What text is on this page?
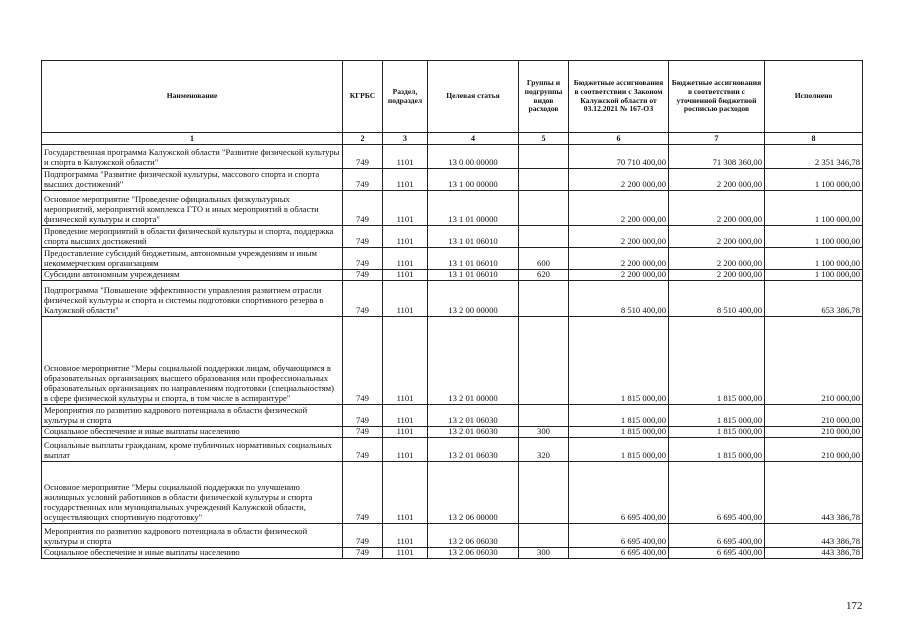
Наименование	КГРБС	Раздел, подраздел	Целевая статья	Группы и подгруппы видов расходов	Бюджетные ассигнования в соответствии с Законом Калужской области от 03.12.2021 № 167-ОЗ	Бюджетные ассигнования в соответствии с уточненной бюджетной росписью расходов	Исполнено
1	2	3	4	5	6	7	8
Государственная программа Калужской области "Развитие физической культуры и спорта в Калужской области"	749	1101	13 0 00 00000		70 710 400,00	71 308 360,00	2 351 346,78
Подпрограмма "Развитие физической культуры, массового спорта и спорта высших достижений"	749	1101	13 1 00 00000		2 200 000,00	2 200 000,00	1 100 000,00
Основное мероприятие "Проведение официальных физкультурных мероприятий, мероприятий комплекса ГТО и иных мероприятий в области физической культуры и спорта"	749	1101	13 1 01 00000		2 200 000,00	2 200 000,00	1 100 000,00
Проведение мероприятий в области физической культуры и спорта, поддержка спорта высших достижений	749	1101	13 1 01 06010		2 200 000,00	2 200 000,00	1 100 000,00
Предоставление субсидий бюджетным, автономным учреждениям и иным некоммерческим организациям	749	1101	13 1 01 06010	600	2 200 000,00	2 200 000,00	1 100 000,00
Субсидии автономным учреждениям	749	1101	13 1 01 06010	620	2 200 000,00	2 200 000,00	1 100 000,00
Подпрограмма "Повышение эффективности управления развитием отрасли физической культуры и спорта и системы подготовки спортивного резерва в Калужской области"	749	1101	13 2 00 00000		8 510 400,00	8 510 400,00	653 386,78
Основное мероприятие "Меры социальной поддержки лицам, обучающимся в образовательных организациях высшего образования или профессиональных образовательных организациях по направлениям подготовки (специальностям) в сфере физической культуры и спорта, в том числе в аспирантуре"	749	1101	13 2 01 00000		1 815 000,00	1 815 000,00	210 000,00
Мероприятия по развитию кадрового потенциала в области физической культуры и спорта	749	1101	13 2 01 06030		1 815 000,00	1 815 000,00	210 000,00
Социальное обеспечение и иные выплаты населению	749	1101	13 2 01 06030	300	1 815 000,00	1 815 000,00	210 000,00
Социальные выплаты гражданам, кроме публичных нормативных социальных выплат	749	1101	13 2 01 06030	320	1 815 000,00	1 815 000,00	210 000,00
Основное мероприятие "Меры социальной поддержки по улучшению жилищных условий работников в области физической культуры и спорта государственных или муниципальных учреждений Калужской области, осуществляющих спортивную подготовку"	749	1101	13 2 06 00000		6 695 400,00	6 695 400,00	443 386,78
Мероприятия по развитию кадрового потенциала в области физической культуры и спорта	749	1101	13 2 06 06030		6 695 400,00	6 695 400,00	443 386,78
Социальное обеспечение и иные выплаты населению	749	1101	13 2 06 06030	300	6 695 400,00	6 695 400,00	443 386,78
172
